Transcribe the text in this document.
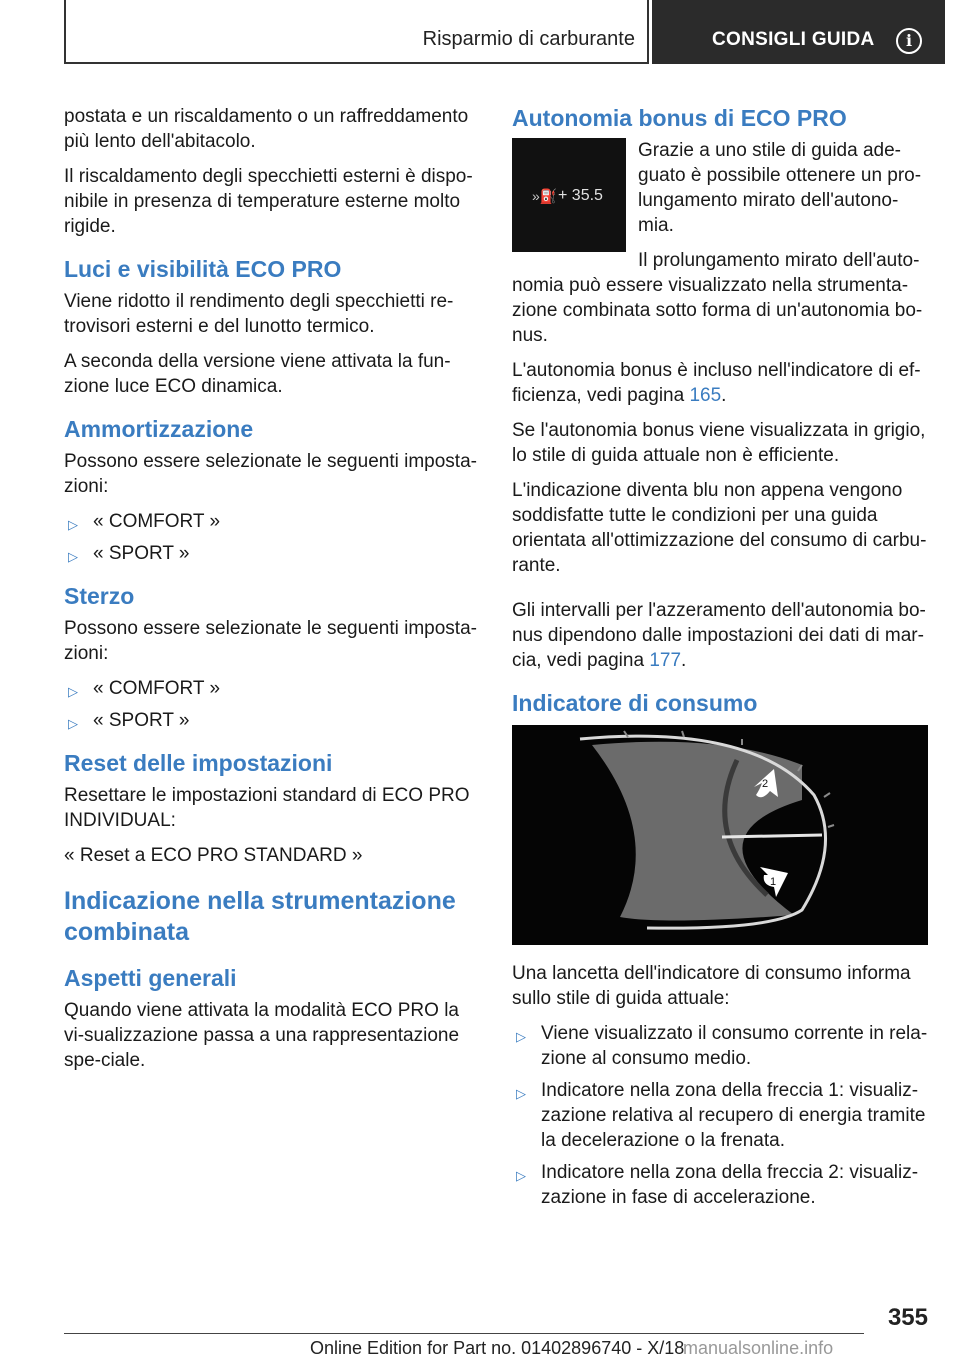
Risparmio di carburante	CONSIGLI GUIDA	i

postata e un riscaldamento o un raffreddamento più lento dell'abitacolo.

Il riscaldamento degli specchietti esterni è dispo-nibile in presenza di temperature esterne molto rigide.

Luci e visibilità ECO PRO

Viene ridotto il rendimento degli specchietti re-trovisori esterni e del lunotto termico.

A seconda della versione viene attivata la fun-zione luce ECO dinamica.

Ammortizzazione

Possono essere selezionate le seguenti imposta-zioni:

▷ « COMFORT »
▷ « SPORT »
Sterzo

Possono essere selezionate le seguenti imposta-zioni:

▷ « COMFORT »
▷ « SPORT »
Reset delle impostazioni

Resettare le impostazioni standard di ECO PRO INDIVIDUAL:

« Reset a ECO PRO STANDARD »

Indicazione nella strumentazione combinata
Aspetti generali

Quando viene attivata la modalità ECO PRO la vi-sualizzazione passa a una rappresentazione spe-ciale.

Autonomia bonus di ECO PRO
»⛽ + 35.5

Grazie a uno stile di guida ade-guato è possibile ottenere un pro-lungamento mirato dell'autono-mia.

Il prolungamento mirato dell'auto-nomia può essere visualizzato nella strumenta-zione combinata sotto forma di un'autonomia bo-nus.

L'autonomia bonus è incluso nell'indicatore di ef-ficienza, vedi pagina 165.

Se l'autonomia bonus viene visualizzata in grigio, lo stile di guida attuale non è efficiente.

L'indicazione diventa blu non appena vengono soddisfatte tutte le condizioni per una guida orientata all'ottimizzazione del consumo di carbu-rante.

Gli intervalli per l'azzeramento dell'autonomia bo-nus dipendono dalle impostazioni dei dati di mar-cia, vedi pagina 177.

Indicatore di consumo
2
1

Una lancetta dell'indicatore di consumo informa sullo stile di guida attuale:

▷ Viene visualizzato il consumo corrente in rela-zione al consumo medio.
▷ Indicatore nella zona della freccia 1: visualiz-zazione relativa al recupero di energia tramite la decelerazione o la frenata.
▷ Indicatore nella zona della freccia 2: visualiz-zazione in fase di accelerazione.
355
Online Edition for Part no. 01402896740 - X/18
manualsonline.info
